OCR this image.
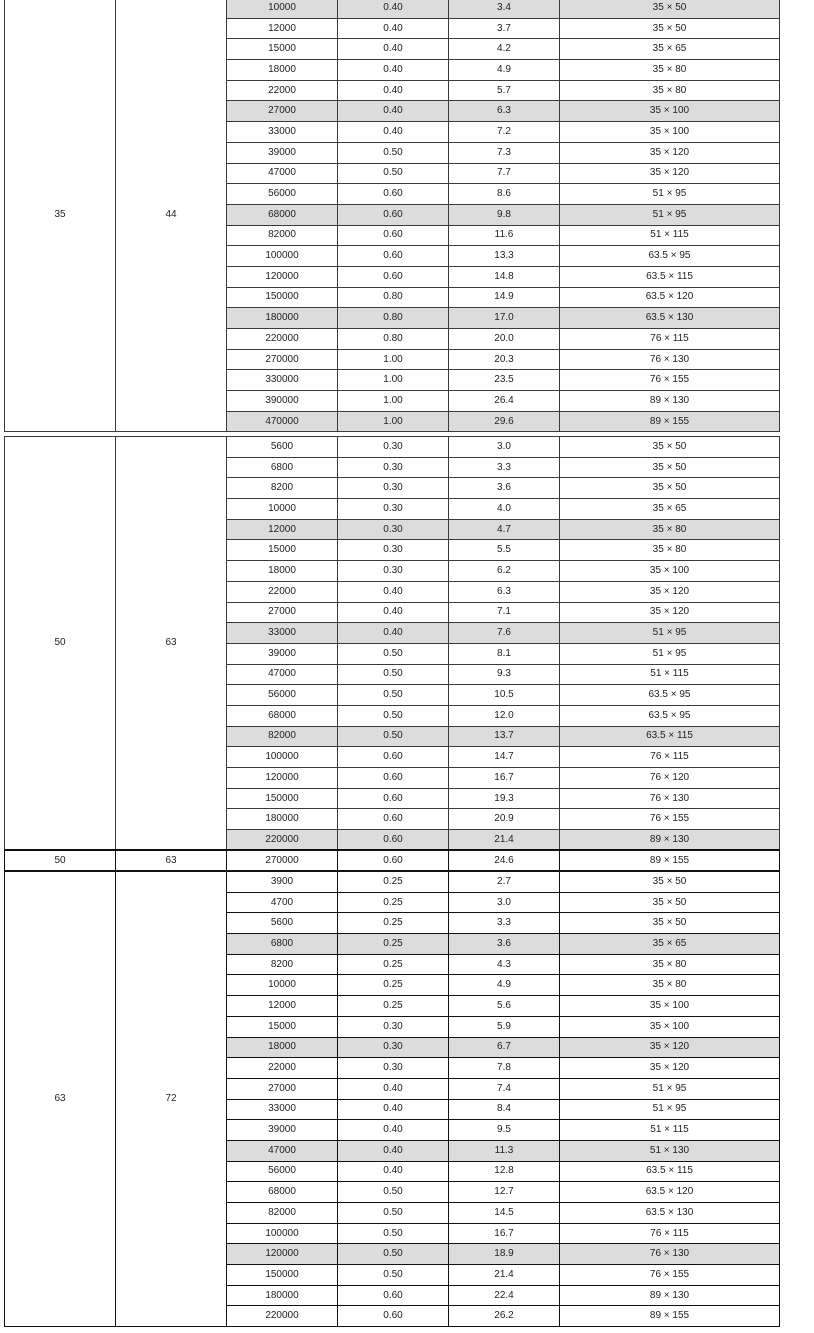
35	44	10000	0.40	3.4	35 × 50
		12000	0.40	3.7	35 × 50
		15000	0.40	4.2	35 × 65
		18000	0.40	4.9	35 × 80
		22000	0.40	5.7	35 × 80
		27000	0.40	6.3	35 × 100
		33000	0.40	7.2	35 × 100
		39000	0.50	7.3	35 × 120
		47000	0.50	7.7	35 × 120
		56000	0.60	8.6	51 × 95
		68000	0.60	9.8	51 × 95
		82000	0.60	11.6	51 × 115
		100000	0.60	13.3	63.5 × 95
		120000	0.60	14.8	63.5 × 115
		150000	0.80	14.9	63.5 × 120
		180000	0.80	17.0	63.5 × 130
		220000	0.80	20.0	76 × 115
		270000	1.00	20.3	76 × 130
		330000	1.00	23.5	76 × 155
		390000	1.00	26.4	89 × 130
		470000	1.00	29.6	89 × 155
50	63	5600	0.30	3.0	35 × 50
		6800	0.30	3.3	35 × 50
		8200	0.30	3.6	35 × 50
		10000	0.30	4.0	35 × 65
		12000	0.30	4.7	35 × 80
		15000	0.30	5.5	35 × 80
		18000	0.30	6.2	35 × 100
		22000	0.40	6.3	35 × 120
		27000	0.40	7.1	35 × 120
		33000	0.40	7.6	51 × 95
		39000	0.50	8.1	51 × 95
		47000	0.50	9.3	51 × 115
		56000	0.50	10.5	63.5 × 95
		68000	0.50	12.0	63.5 × 95
		82000	0.50	13.7	63.5 × 115
		100000	0.60	14.7	76 × 115
		120000	0.60	16.7	76 × 120
		150000	0.60	19.3	76 × 130
		180000	0.60	20.9	76 × 155
		220000	0.60	21.4	89 × 130
50	63	270000	0.60	24.6	89 × 155
63	72	3900	0.25	2.7	35 × 50
		4700	0.25	3.0	35 × 50
		5600	0.25	3.3	35 × 50
		6800	0.25	3.6	35 × 65
		8200	0.25	4.3	35 × 80
		10000	0.25	4.9	35 × 80
		12000	0.25	5.6	35 × 100
		15000	0.30	5.9	35 × 100
		18000	0.30	6.7	35 × 120
		22000	0.30	7.8	35 × 120
		27000	0.40	7.4	51 × 95
		33000	0.40	8.4	51 × 95
		39000	0.40	9.5	51 × 115
		47000	0.40	11.3	51 × 130
		56000	0.40	12.8	63.5 × 115
		68000	0.50	12.7	63.5 × 120
		82000	0.50	14.5	63.5 × 130
		100000	0.50	16.7	76 × 115
		120000	0.50	18.9	76 × 130
		150000	0.50	21.4	76 × 155
		180000	0.60	22.4	89 × 130
		220000	0.60	26.2	89 × 155
